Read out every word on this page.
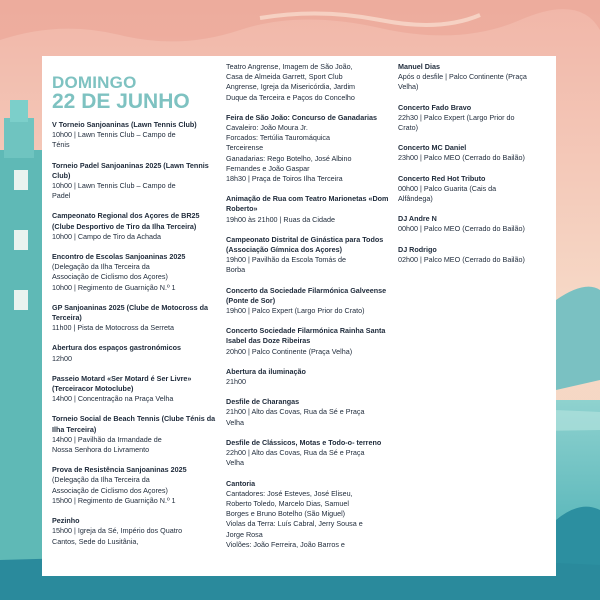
DOMINGO
22 DE JUNHO
V Torneio Sanjoaninas (Lawn Tennis Club)
10h00 | Lawn Tennis Club – Campo de
Ténis
Torneio Padel Sanjoaninas 2025 (Lawn Tennis Club)
10h00 | Lawn Tennis Club – Campo de
Padel
Campeonato Regional dos Açores de BR25 (Clube Desportivo de Tiro da Ilha Terceira)
10h00 | Campo de Tiro da Achada
Encontro de Escolas Sanjoaninas 2025
(Delegação da Ilha Terceira da
Associação de Ciclismo dos Açores)
10h00 | Regimento de Guarnição N.º 1
GP Sanjoaninas 2025 (Clube de Motocross da Terceira)
11h00 | Pista de Motocross da Serreta
Abertura dos espaços gastronómicos
12h00
Passeio Motard «Ser Motard é Ser Livre» (Terceiracor Motoclube)
14h00 | Concentração na Praça Velha
Torneio Social de Beach Tennis (Clube Ténis da Ilha Terceira)
14h00 | Pavilhão da Irmandade de
Nossa Senhora do Livramento
Prova de Resistência Sanjoaninas 2025
(Delegação da Ilha Terceira da
Associação de Ciclismo dos Açores)
15h00 | Regimento de Guarnição N.º 1
Pezinho
15h00 | Igreja da Sé, Império dos Quatro
Cantos, Sede do Lusitânia,
Teatro Angrense, Imagem de São João,
Casa de Almeida Garrett, Sport Club
Angrense, Igreja da Misericórdia, Jardim
Duque da Terceira e Paços do Concelho
Feira de São João: Concurso de Ganadarias
Cavaleiro: João Moura Jr.
Forcados: Tertúlia Tauromáquica
Terceirense
Ganadarias: Rego Botelho, José Albino
Fernandes e João Gaspar
18h30 | Praça de Toiros Ilha Terceira
Animação de Rua com Teatro Marionetas «Dom Roberto»
19h00 às 21h00 | Ruas da Cidade
Campeonato Distrital de Ginástica para Todos (Associação Gímnica dos Açores)
19h00 | Pavilhão da Escola Tomás de
Borba
Concerto da Sociedade Filarmónica Galveense (Ponte de Sor)
19h00 | Palco Expert (Largo Prior do Crato)
Concerto Sociedade Filarmónica Rainha Santa Isabel das Doze Ribeiras
20h00 | Palco Continente (Praça Velha)
Abertura da iluminação
21h00
Desfile de Charangas
21h00 | Alto das Covas, Rua da Sé e Praça
Velha
Desfile de Clássicos, Motas e Todo-o- terreno
22h00 | Alto das Covas, Rua da Sé e Praça
Velha
Cantoria
Cantadores: José Esteves, José Eliseu,
Roberto Toledo, Marcelo Dias, Samuel
Borges e Bruno Botelho (São Miguel)
Violas da Terra: Luís Cabral, Jerry Sousa e
Jorge Rosa
Violões: João Ferreira, João Barros e
Manuel Dias
Após o desfile | Palco Continente (Praça
Velha)
Concerto Fado Bravo
22h30 | Palco Expert (Largo Prior do
Crato)
Concerto MC Daniel
23h00 | Palco MEO (Cerrado do Bailão)
Concerto Red Hot Tributo
00h00 | Palco Guarita (Cais da
Alfândega)
DJ Andre N
00h00 | Palco MEO (Cerrado do Bailão)
DJ Rodrigo
02h00 | Palco MEO (Cerrado do Bailão)
